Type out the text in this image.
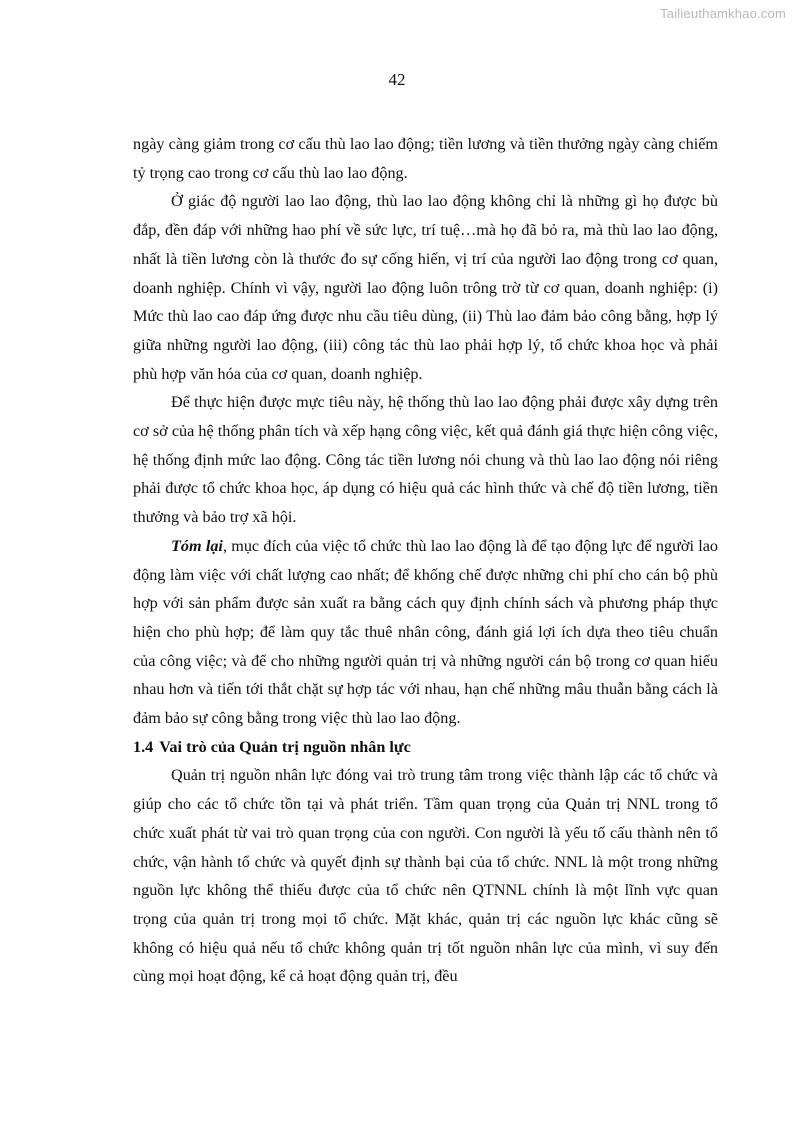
Tailieuthamkhao.com
42

ngày càng giảm trong cơ cấu thù lao lao động; tiền lương và tiền thưởng ngày càng chiếm tỷ trọng cao trong cơ cấu thù lao lao động.

Ở giác độ người lao lao động, thù lao lao động không chỉ là những gì họ được bù đắp, đền đáp với những hao phí về sức lực, trí tuệ…mà họ đã bỏ ra, mà thù lao lao động, nhất là tiền lương còn là thước đo sự cống hiến, vị trí của người lao động trong cơ quan, doanh nghiệp. Chính vì vậy, người lao động luôn trông trờ từ cơ quan, doanh nghiệp: (i) Mức thù lao cao đáp ứng được nhu cầu tiêu dùng, (ii) Thù lao đảm bảo công bằng, hợp lý giữa những người lao động, (iii) công tác thù lao phải hợp lý, tổ chức khoa học và phải phù hợp văn hóa của cơ quan, doanh nghiệp.

Để thực hiện được mực tiêu này, hệ thống thù lao lao động phải được xây dựng trên cơ sở của hệ thống phân tích và xếp hạng công việc, kết quả đánh giá thực hiện công việc, hệ thống định mức lao động. Công tác tiền lương nói chung và thù lao lao động nói riêng phải được tổ chức khoa học, áp dụng có hiệu quả các hình thức và chế độ tiền lương, tiền thưởng và bảo trợ xã hội.

Tóm lại, mục đích của việc tổ chức thù lao lao động là để tạo động lực để người lao động làm việc với chất lượng cao nhất; để khống chế được những chi phí cho cán bộ phù hợp với sản phẩm được sản xuất ra bằng cách quy định chính sách và phương pháp thực hiện cho phù hợp; để làm quy tắc thuê nhân công, đánh giá lợi ích dựa theo tiêu chuẩn của công việc; và để cho những người quản trị và những người cán bộ trong cơ quan hiểu nhau hơn và tiến tới thắt chặt sự hợp tác với nhau, hạn chế những mâu thuẫn bằng cách là đảm bảo sự công bằng trong việc thù lao lao động.

1.4 Vai trò của Quản trị nguồn nhân lực

Quản trị nguồn nhân lực đóng vai trò trung tâm trong việc thành lập các tổ chức và giúp cho các tổ chức tồn tại và phát triển. Tầm quan trọng của Quản trị NNL trong tổ chức xuất phát từ vai trò quan trọng của con người. Con người là yếu tố cấu thành nên tổ chức, vận hành tổ chức và quyết định sự thành bại của tổ chức. NNL là một trong những nguồn lực không thể thiếu được của tổ chức nên QTNNL chính là một lĩnh vực quan trọng của quản trị trong mọi tổ chức. Mặt khác, quản trị các nguồn lực khác cũng sẽ không có hiệu quả nếu tổ chức không quản trị tốt nguồn nhân lực của mình, vì suy đến cùng mọi hoạt động, kể cả hoạt động quản trị, đều
